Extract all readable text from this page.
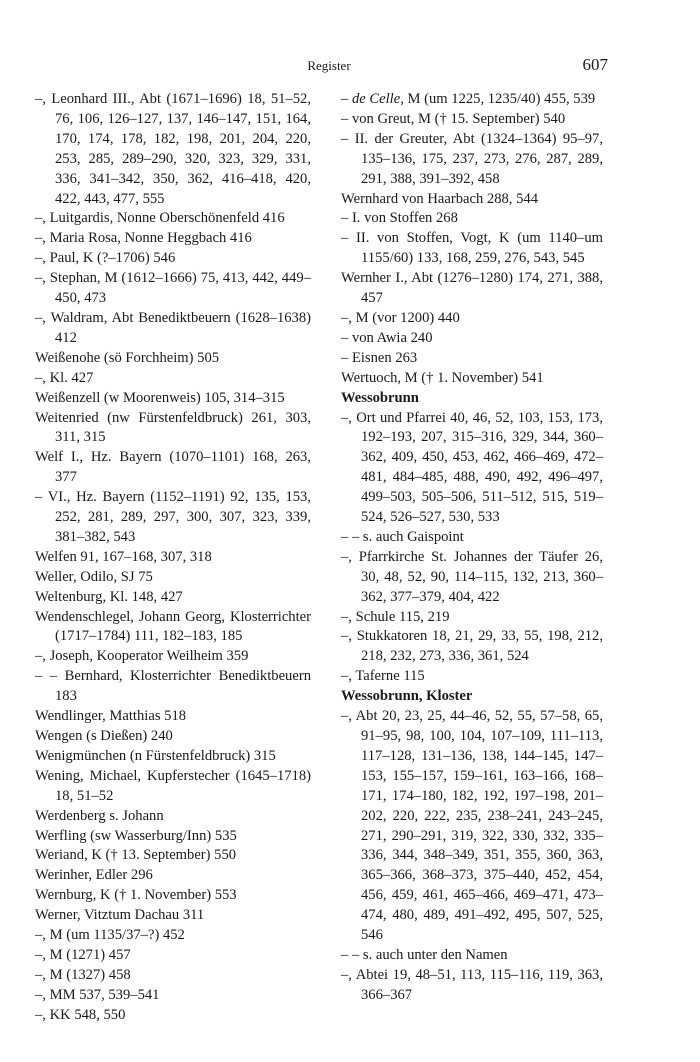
Register	607

–, Leonhard III., Abt (1671–1696) 18, 51–52, 76, 106, 126–127, 137, 146–147, 151, 164, 170, 174, 178, 182, 198, 201, 204, 220, 253, 285, 289–290, 320, 323, 329, 331, 336, 341–342, 350, 362, 416–418, 420, 422, 443, 477, 555

–, Luitgardis, Nonne Oberschönenfeld 416

–, Maria Rosa, Nonne Heggbach 416

–, Paul, K (?–1706) 546

–, Stephan, M (1612–1666) 75, 413, 442, 449–450, 473

–, Waldram, Abt Benediktbeuern (1628–1638) 412

Weißenohe (sö Forchheim) 505

–, Kl. 427

Weißenzell (w Moorenweis) 105, 314–315

Weitenried (nw Fürstenfeldbruck) 261, 303, 311, 315

Welf I., Hz. Bayern (1070–1101) 168, 263, 377

– VI., Hz. Bayern (1152–1191) 92, 135, 153, 252, 281, 289, 297, 300, 307, 323, 339, 381–382, 543

Welfen 91, 167–168, 307, 318

Weller, Odilo, SJ 75

Weltenburg, Kl. 148, 427

Wendenschlegel, Johann Georg, Klosterrichter (1717–1784) 111, 182–183, 185

–, Joseph, Kooperator Weilheim 359

– – Bernhard, Klosterrichter Benediktbeuern 183

Wendlinger, Matthias 518

Wengen (s Dießen) 240

Wenigmünchen (n Fürstenfeldbruck) 315

Wening, Michael, Kupferstecher (1645–1718) 18, 51–52

Werdenberg s. Johann

Werfling (sw Wasserburg/Inn) 535

Weriand, K († 13. September) 550

Werinher, Edler 296

Wernburg, K († 1. November) 553

Werner, Vitztum Dachau 311

–, M (um 1135/37–?) 452

–, M (1271) 457

–, M (1327) 458

–, MM 537, 539–541

–, KK 548, 550

– de Celle, M (um 1225, 1235/40) 455, 539

– von Greut, M († 15. September) 540

– II. der Greuter, Abt (1324–1364) 95–97, 135–136, 175, 237, 273, 276, 287, 289, 291, 388, 391–392, 458

Wernhard von Haarbach 288, 544

– I. von Stoffen 268

– II. von Stoffen, Vogt, K (um 1140–um 1155/60) 133, 168, 259, 276, 543, 545

Wernher I., Abt (1276–1280) 174, 271, 388, 457

–, M (vor 1200) 440

– von Awia 240

– Eisnen 263

Wertuoch, M († 1. November) 541

Wessobrunn

–, Ort und Pfarrei 40, 46, 52, 103, 153, 173, 192–193, 207, 315–316, 329, 344, 360–362, 409, 450, 453, 462, 466–469, 472–481, 484–485, 488, 490, 492, 496–497, 499–503, 505–506, 511–512, 515, 519–524, 526–527, 530, 533

– – s. auch Gaispoint

–, Pfarrkirche St. Johannes der Täufer 26, 30, 48, 52, 90, 114–115, 132, 213, 360–362, 377–379, 404, 422

–, Schule 115, 219

–, Stukkatoren 18, 21, 29, 33, 55, 198, 212, 218, 232, 273, 336, 361, 524

–, Taferne 115

Wessobrunn, Kloster

–, Abt 20, 23, 25, 44–46, 52, 55, 57–58, 65, 91–95, 98, 100, 104, 107–109, 111–113, 117–128, 131–136, 138, 144–145, 147–153, 155–157, 159–161, 163–166, 168–171, 174–180, 182, 192, 197–198, 201–202, 220, 222, 235, 238–241, 243–245, 271, 290–291, 319, 322, 330, 332, 335–336, 344, 348–349, 351, 355, 360, 363, 365–366, 368–373, 375–440, 452, 454, 456, 459, 461, 465–466, 469–471, 473–474, 480, 489, 491–492, 495, 507, 525, 546

– – s. auch unter den Namen

–, Abtei 19, 48–51, 113, 115–116, 119, 363, 366–367
